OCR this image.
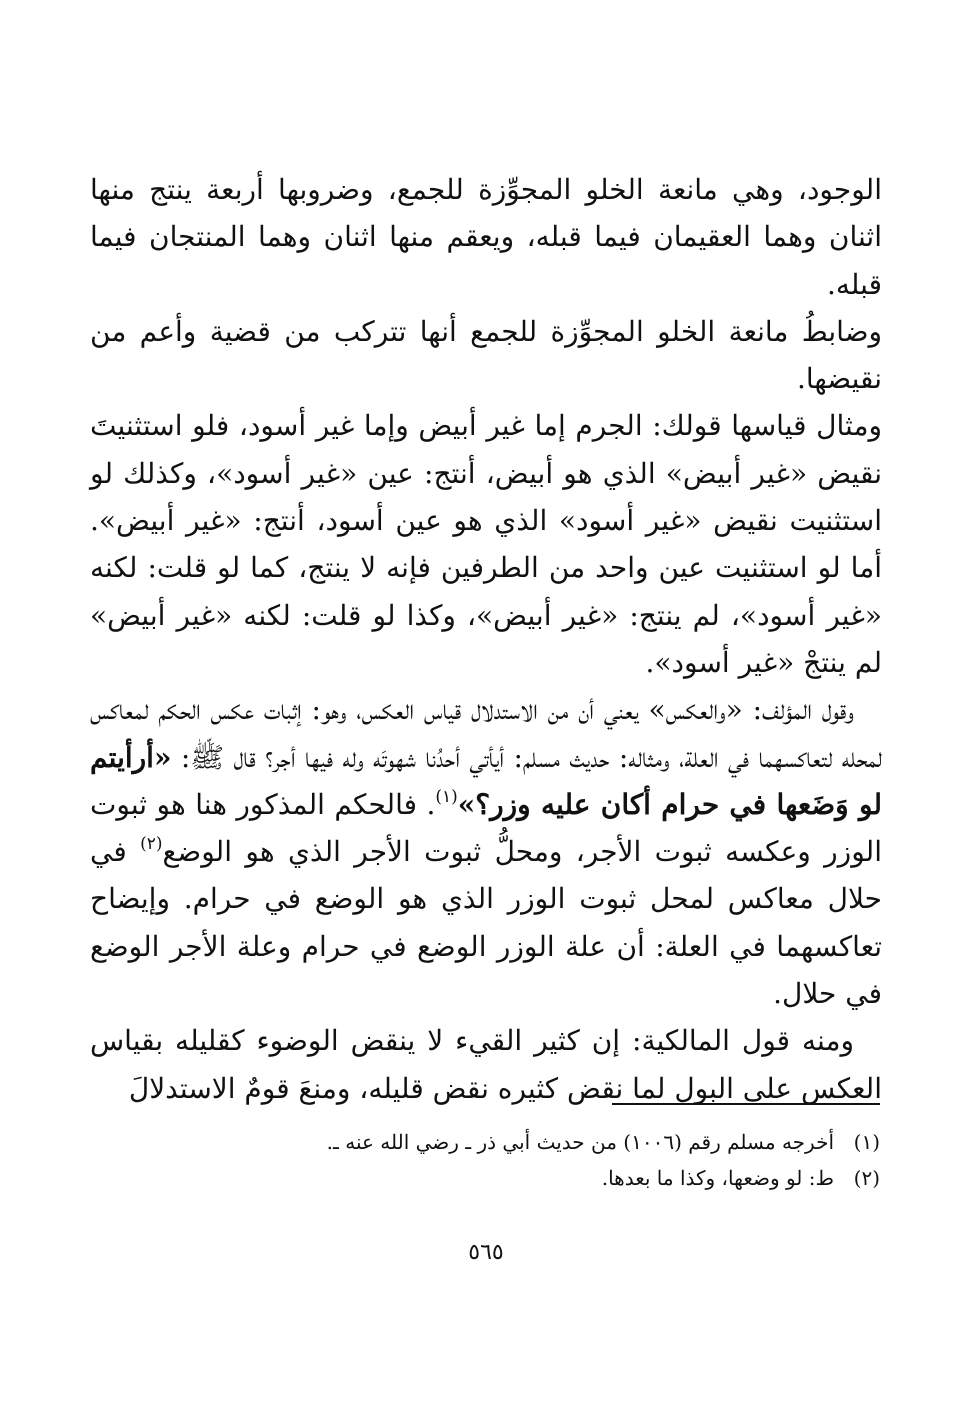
الوجود، وهي مانعة الخلو المجوِّزة للجمع، وضروبها أربعة ينتج منها اثنان وهما العقيمان فيما قبله، ويعقم منها اثنان وهما المنتجان فيما قبله.

وضابطُ مانعة الخلو المجوِّزة للجمع أنها تتركب من قضية وأعم من نقيضها.

ومثال قياسها قولك: الجرم إما غير أبيض وإما غير أسود، فلو استثنيتَ نقيض «غير أبيض» الذي هو أبيض، أنتج: عين «غير أسود»، وكذلك لو استثنيت نقيض «غير أسود» الذي هو عين أسود، أنتج: «غير أبيض». أما لو استثنيت عين واحد من الطرفين فإنه لا ينتج، كما لو قلت: لكنه «غير أسود»، لم ينتج: «غير أبيض»، وكذا لو قلت: لكنه «غير أبيض» لم ينتجْ «غير أسود».

وقول المؤلف: «والعكس» يعني أن من الاستدلال قياس العكس، وهو: إثبات عكس الحكم لمعاكس لمحله لتعاكسهما في العلة، ومثاله: حديث مسلم: أيأتي أحدُنا شهوتَه وله فيها أجر؟ قال ﷺ: «أرأيتم لو وَضَعها في حرام أكان عليه وزر؟»$^{(١)}$. فالحكم المذكور هنا هو ثبوت الوزر وعكسه ثبوت الأجر، ومحلُّ ثبوت الأجر الذي هو الوضع$^{(٢)}$ في حلال معاكس لمحل ثبوت الوزر الذي هو الوضع في حرام. وإيضاح تعاكسهما في العلة: أن علة الوزر الوضع في حرام وعلة الأجر الوضع في حلال.

ومنه قول المالكية: إن كثير القيء لا ينقض الوضوء كقليله بقياس العكس على البول لما نقض كثيره نقض قليله، ومنعَ قومٌ الاستدلالَ

(١)أخرجه مسلم رقم (١٠٠٦) من حديث أبي ذر ـ رضي الله عنه ـ.
(٢)ط: لو وضعها، وكذا ما بعدها.
٥٦٥
